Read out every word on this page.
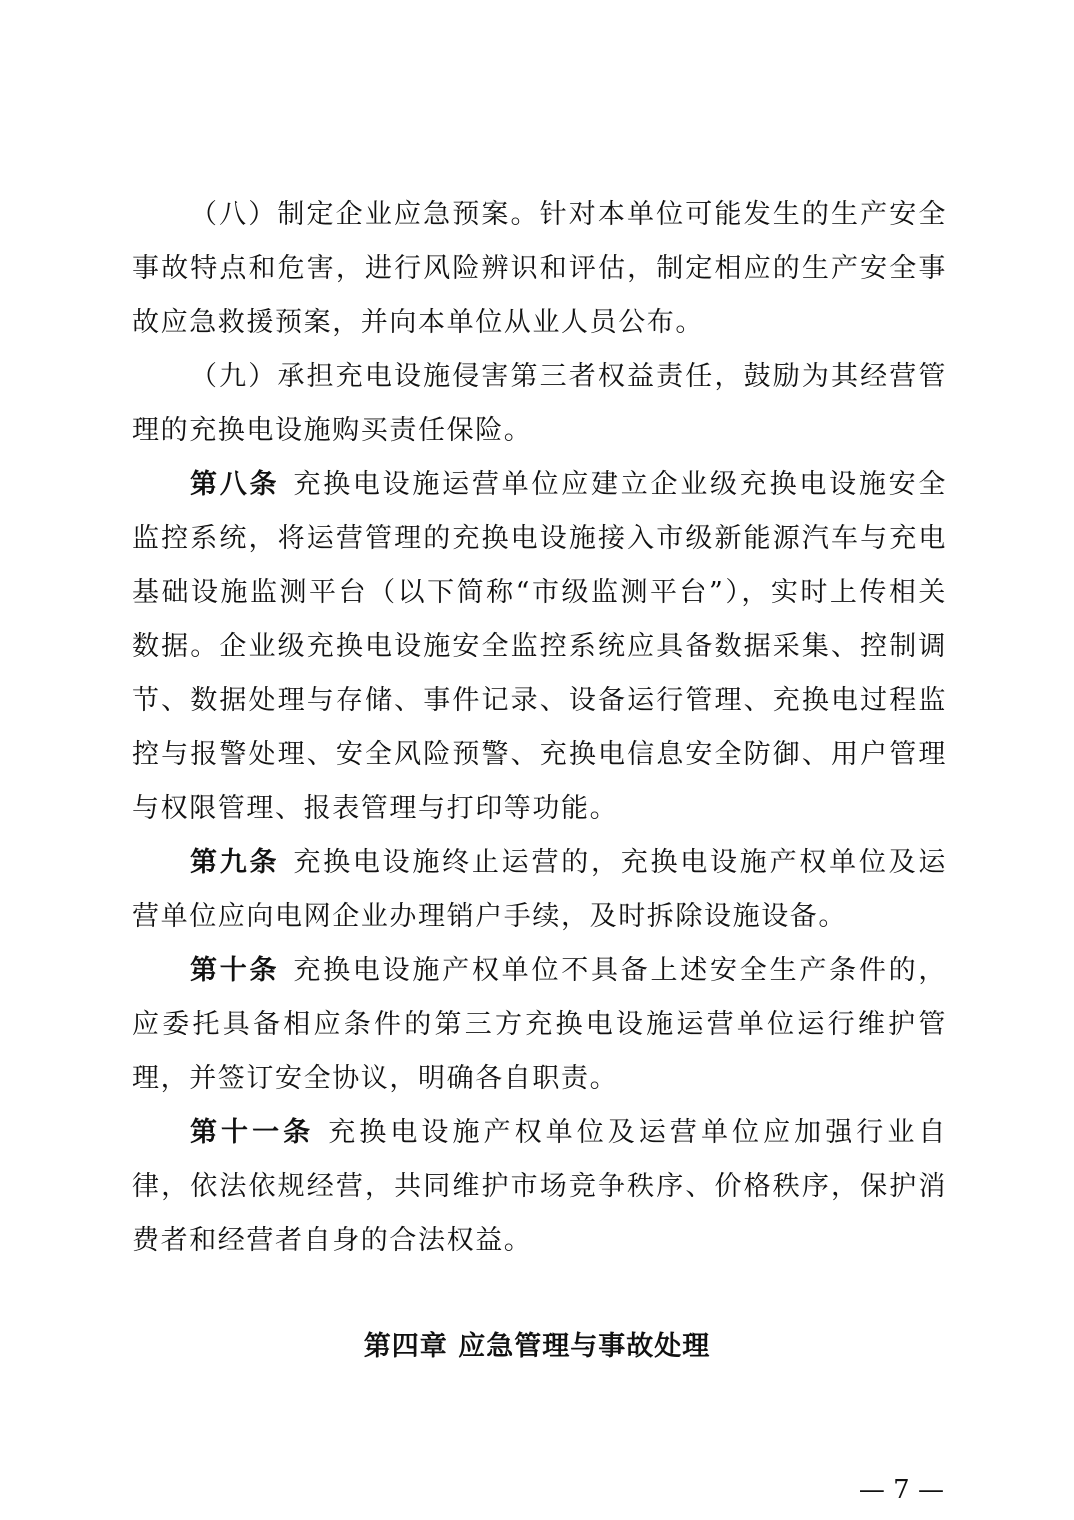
（八）制定企业应急预案。针对本单位可能发生的生产安全事故特点和危害，进行风险辨识和评估，制定相应的生产安全事故应急救援预案，并向本单位从业人员公布。

（九）承担充电设施侵害第三者权益责任，鼓励为其经营管理的充换电设施购买责任保险。

第八条 充换电设施运营单位应建立企业级充换电设施安全监控系统，将运营管理的充换电设施接入市级新能源汽车与充电基础设施监测平台（以下简称“市级监测平台”），实时上传相关数据。企业级充换电设施安全监控系统应具备数据采集、控制调节、数据处理与存储、事件记录、设备运行管理、充换电过程监控与报警处理、安全风险预警、充换电信息安全防御、用户管理与权限管理、报表管理与打印等功能。

第九条 充换电设施终止运营的，充换电设施产权单位及运营单位应向电网企业办理销户手续，及时拆除设施设备。

第十条 充换电设施产权单位不具备上述安全生产条件的，应委托具备相应条件的第三方充换电设施运营单位运行维护管理，并签订安全协议，明确各自职责。

第十一条 充换电设施产权单位及运营单位应加强行业自律，依法依规经营，共同维护市场竞争秩序、价格秩序，保护消费者和经营者自身的合法权益。

第四章 应急管理与事故处理
— 7 —
